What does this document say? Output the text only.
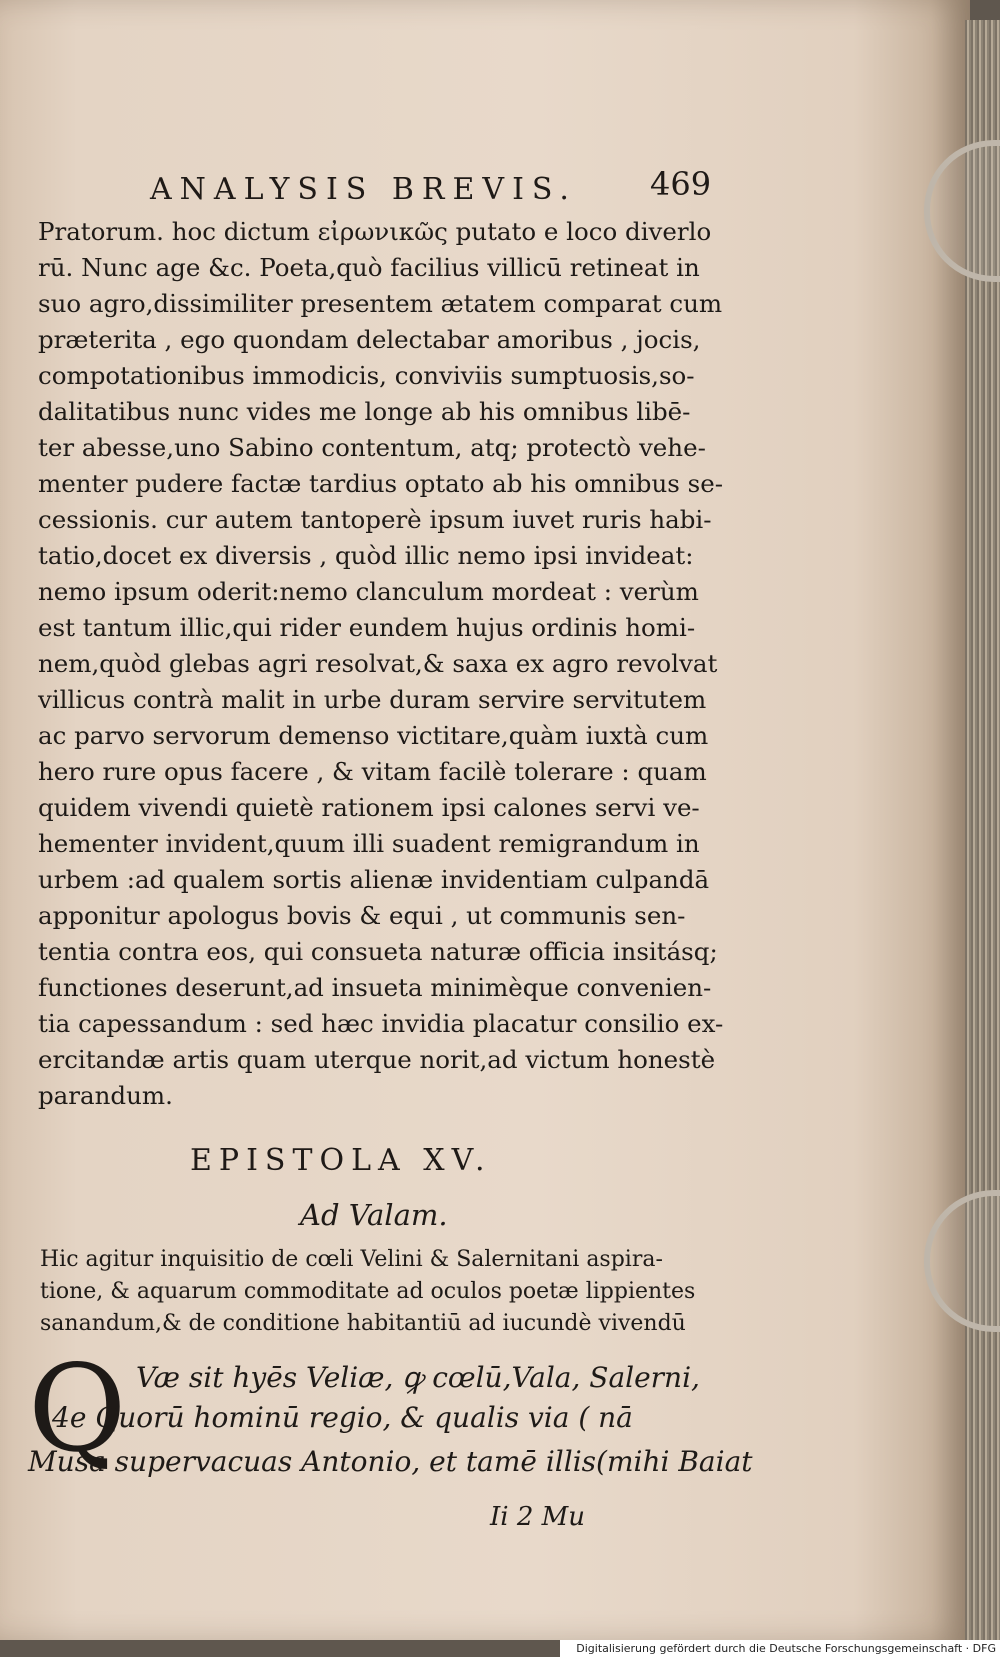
ANALYSIS BREVIS.	469
Pratorum. hoc dictum εἰρωνικῶς putato e loco diverlo
rū. Nunc age &c. Poeta,quò facilius villicū retineat in
suo agro,dissimiliter presentem ætatem comparat cum
præterita , ego quondam delectabar amoribus , jocis,
compotationibus immodicis, conviviis sumptuosis,so-
dalitatibus nunc vides me longe ab his omnibus libē-
ter abesse,uno Sabino contentum, atq; protectò vehe-
menter pudere factæ tardius optato ab his omnibus se-
cessionis. cur autem tantoperè ipsum iuvet ruris habi-
tatio,docet ex diversis , quòd illic nemo ipsi invideat:
nemo ipsum oderit:nemo clanculum mordeat : verùm
est tantum illic,qui rider eundem hujus ordinis homi-
nem,quòd glebas agri resolvat,& saxa ex agro revolvat
villicus contrà malit in urbe duram servire servitutem
ac parvo servorum demenso victitare,quàm iuxtà cum
hero rure opus facere , & vitam facilè tolerare : quam
quidem vivendi quietè rationem ipsi calones servi ve-
hementer invident,quum illi suadent remigrandum in
urbem :ad qualem sortis alienæ invidentiam culpandā
apponitur apologus bovis & equi , ut communis sen-
tentia contra eos, qui consueta naturæ officia insitásq;
functiones deserunt,ad insueta minimèque convenien-
tia capessandum : sed hæc invidia placatur consilio ex-
ercitandæ artis quam uterque norit,ad victum honestè
parandum.
EPISTOLA XV.
Ad Valam.
Hic agitur inquisitio de cœli Velini & Salernitani aspira-
tione, & aquarum commoditate ad oculos poetæ lippientes
sanandum,& de conditione habitantiū ad iucundè vivendū
Q Væ sit hyēs Veliæ, ꝙ cœlū,Vala, Salerni,
4e Quorū hominū regio, & qualis via ( nā
Musa supervacuas Antonio, et tamē illis(mihi Baiat
Ii 2 Mu
Digitalisierung gefördert durch die Deutsche Forschungsgemeinschaft · DFG
